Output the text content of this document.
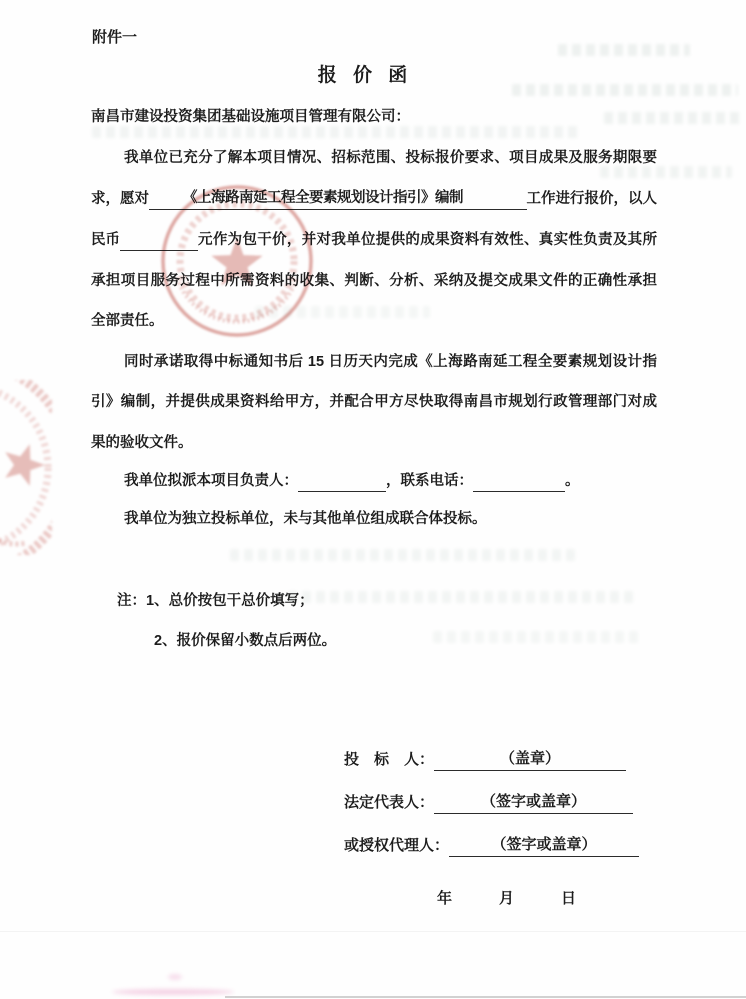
附件一
报 价 函
南昌市建设投资集团基础设施项目管理有限公司：
我单位已充分了解本项目情况、招标范围、投标报价要求、项目成果及服务期限要
求，愿对 《上海路南延工程全要素规划设计指引》编制	工作进行报价，以人
民币	元作为包干价，并对我单位提供的成果资料有效性、真实性负责及其所
承担项目服务过程中所需资料的收集、判断、分析、采纳及提交成果文件的正确性承担
全部责任。
同时承诺取得中标通知书后 15 日历天内完成《上海路南延工程全要素规划设计指
引》编制，并提供成果资料给甲方，并配合甲方尽快取得南昌市规划行政管理部门对成
果的验收文件。
我单位拟派本项目负责人：	，联系电话：	。
我单位为独立投标单位，未与其他单位组成联合体投标。
注：1、总价按包干总价填写；
2、报价保留小数点后两位。
投　标　人：	（盖章）
法定代表人：	（签字或盖章）
或授权代理人：	（签字或盖章）
年	月	日
